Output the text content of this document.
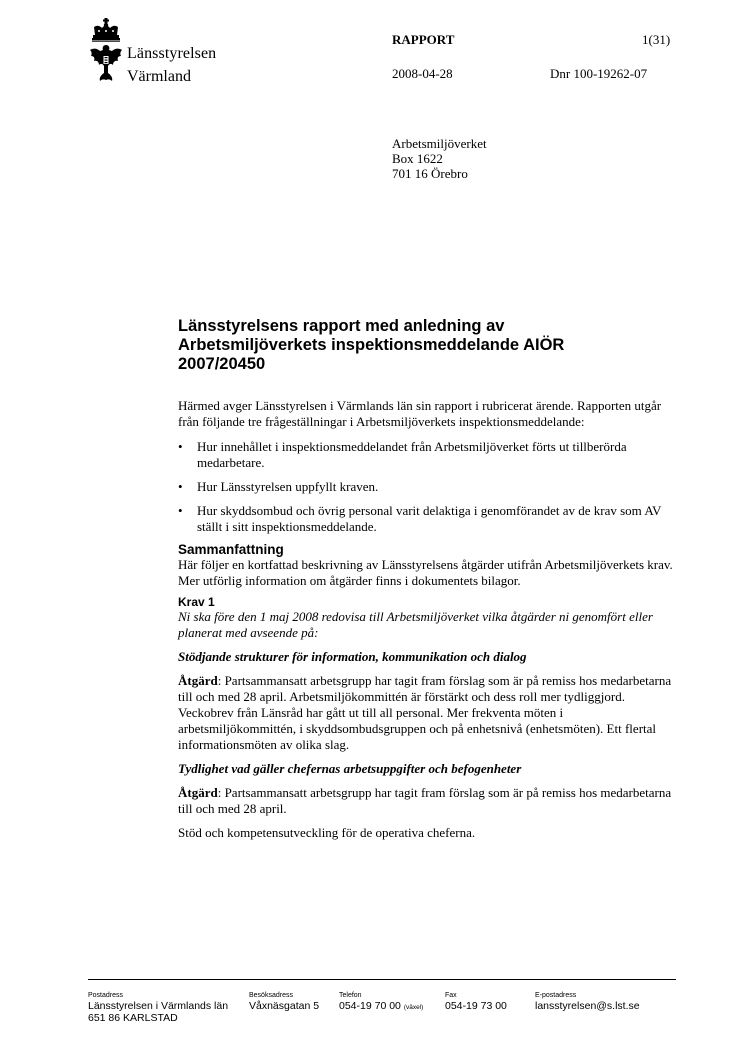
Länsstyrelsen
Värmland
RAPPORT	1(31)
2008-04-28	Dnr 100-19262-07
Arbetsmiljöverket
Box 1622
701 16 Örebro
Länsstyrelsens rapport med anledning av
Arbetsmiljöverkets inspektionsmeddelande AIÖR
2007/20450

Härmed avger Länsstyrelsen i Värmlands län sin rapport i rubricerat ärende. Rapporten utgår från följande tre frågeställningar i Arbetsmiljöverkets inspektionsmeddelande:

• Hur innehållet i inspektionsmeddelandet från Arbetsmiljöverket förts ut tillberörda medarbetare.
• Hur Länsstyrelsen uppfyllt kraven.
• Hur skyddsombud och övrig personal varit delaktiga i genomförandet av de krav som AV ställt i sitt inspektionsmeddelande.
Sammanfattning

Här följer en kortfattad beskrivning av Länsstyrelsens åtgärder utifrån Arbetsmiljöverkets krav. Mer utförlig information om åtgärder finns i dokumentets bilagor.

Krav 1

Ni ska före den 1 maj 2008 redovisa till Arbetsmiljöverket vilka åtgärder ni genomfört eller planerat med avseende på:

Stödjande strukturer för information, kommunikation och dialog

Åtgärd: Partsammansatt arbetsgrupp har tagit fram förslag som är på remiss hos medarbetarna till och med 28 april. Arbetsmiljökommittén är förstärkt och dess roll mer tydliggjord. Veckobrev från Länsråd har gått ut till all personal. Mer frekventa möten i arbetsmiljökommittén, i skyddsombudsgruppen och på enhetsnivå (enhetsmöten). Ett flertal informationsmöten av olika slag.

Tydlighet vad gäller chefernas arbetsuppgifter och befogenheter

Åtgärd: Partsammansatt arbetsgrupp har tagit fram förslag som är på remiss hos medarbetarna till och med 28 april.

Stöd och kompetensutveckling för de operativa cheferna.

Postadress
Länsstyrelsen i Värmlands län
651 86 KARLSTAD
Besöksadress
Våxnäsgatan 5
Telefon
054-19 70 00 (växel)
Fax
054-19 73 00
E-postadress
lansstyrelsen@s.lst.se
